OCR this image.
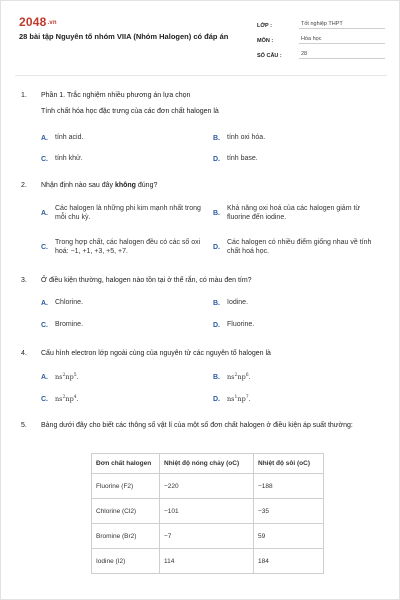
2048.vn
28 bài tập Nguyên tố nhóm VIIA (Nhóm Halogen) có đáp án
LỚP :	Tốt nghiệp THPT
MÔN :	Hóa học
SỐ CÂU :	28
1.	Phần 1. Trắc nghiệm nhiều phương án lựa chọn
Tính chất hóa học đặc trưng của các đơn chất halogen là
A.	tính acid.	B.	tính oxi hóa.
C.	tính khử.	D.	tính base.
2.	Nhận định nào sau đây không đúng?
A.
Các halogen là những phi kim mạnh nhất trong mỗi chu kỳ.
B.
Khả năng oxi hoá của các halogen giảm từ fluorine đến iodine.
C.
Trong hợp chất, các halogen đều có các số oxi hoá: −1, +1, +3, +5, +7.
D.
Các halogen có nhiều điểm giống nhau về tính chất hoá học.
3.	Ở điều kiện thường, halogen nào tồn tại ở thể rắn, có màu đen tím?
A.	Chlorine.	B.	Iodine.
C.	Bromine.	D.	Fluorine.
4.	Cấu hình electron lớp ngoài cùng của nguyên tử các nguyên tố halogen là
A.	$ns^2np^5$.	B.	$ns^2np^6$.
C.	$ns^2np^4$.	D.	$ns^1np^7$.
5.	Bảng dưới đây cho biết các thông số vật lí của một số đơn chất halogen ở điều kiện áp suất thường:
Đơn chất halogen	Nhiệt độ nóng chảy (oC)	Nhiệt độ sôi (oC)
Fluorine (F2)	−220	−188
Chlorine (Cl2)	−101	−35
Bromine (Br2)	−7	59
Iodine (I2)	114	184
